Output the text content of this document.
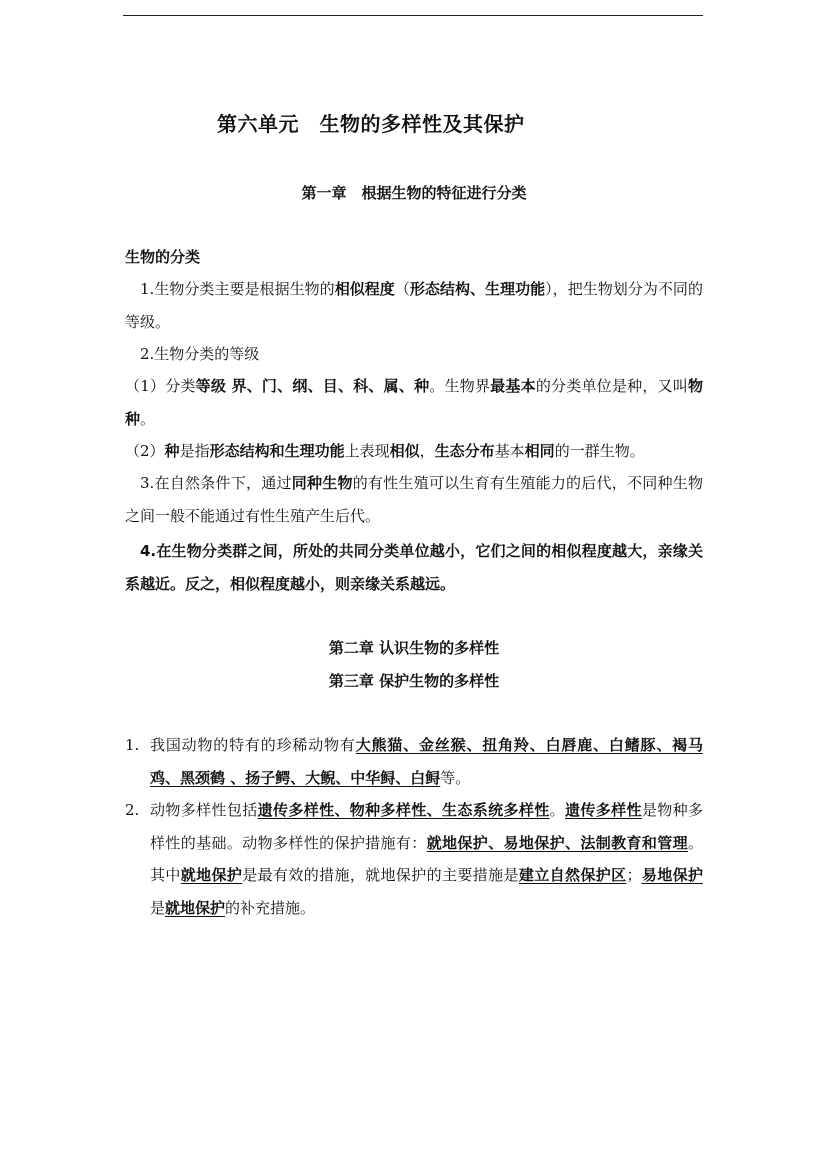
第六单元　生物的多样性及其保护
第一章　根据生物的特征进行分类
生物的分类
1.生物分类主要是根据生物的相似程度（形态结构、生理功能），把生物划分为不同的等级。
2.生物分类的等级
（1）分类等级 界、门、纲、目、科、属、种。生物界最基本的分类单位是种，又叫物种。
（2）种是指形态结构和生理功能上表现相似，生态分布基本相同的一群生物。
3.在自然条件下，通过同种生物的有性生殖可以生育有生殖能力的后代，不同种生物之间一般不能通过有性生殖产生后代。
4.在生物分类群之间，所处的共同分类单位越小，它们之间的相似程度越大，亲缘关系越近。反之，相似程度越小，则亲缘关系越远。
第二章 认识生物的多样性
第三章 保护生物的多样性
1. 我国动物的特有的珍稀动物有大熊猫、金丝猴、扭角羚、白唇鹿、白鳍豚、褐马鸡、黑颈鹤 、扬子鳄、大鲵、中华鲟、白鲟等。
2. 动物多样性包括遗传多样性、物种多样性、生态系统多样性。遗传多样性是物种多样性的基础。动物多样性的保护措施有：就地保护、易地保护、法制教育和管理。其中就地保护是最有效的措施，就地保护的主要措施是建立自然保护区；易地保护是就地保护的补充措施。
